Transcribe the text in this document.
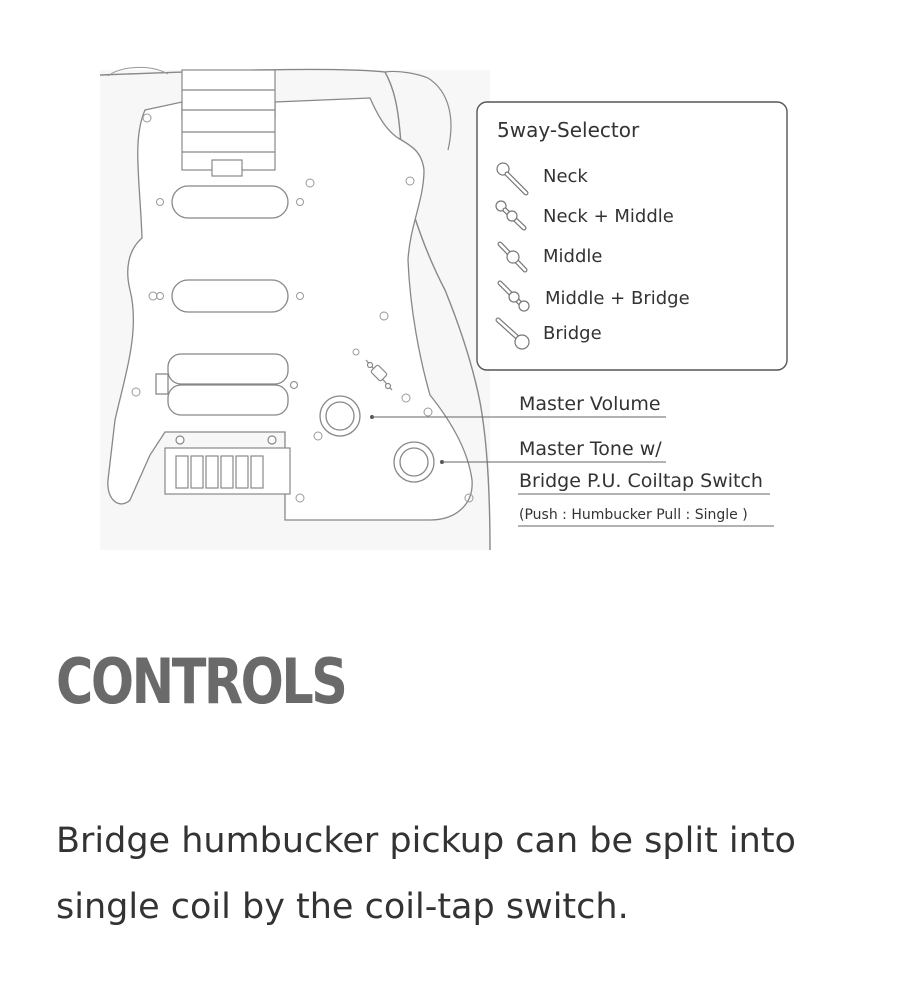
5way-Selector
Neck
Neck + Middle
Middle
Middle + Bridge
Bridge
Master Volume
Master Tone w/
Bridge P.U. Coiltap Switch
(Push : Humbucker Pull : Single )
CONTROLS

Bridge humbucker pickup can be split into single coil by the coil-tap switch.
